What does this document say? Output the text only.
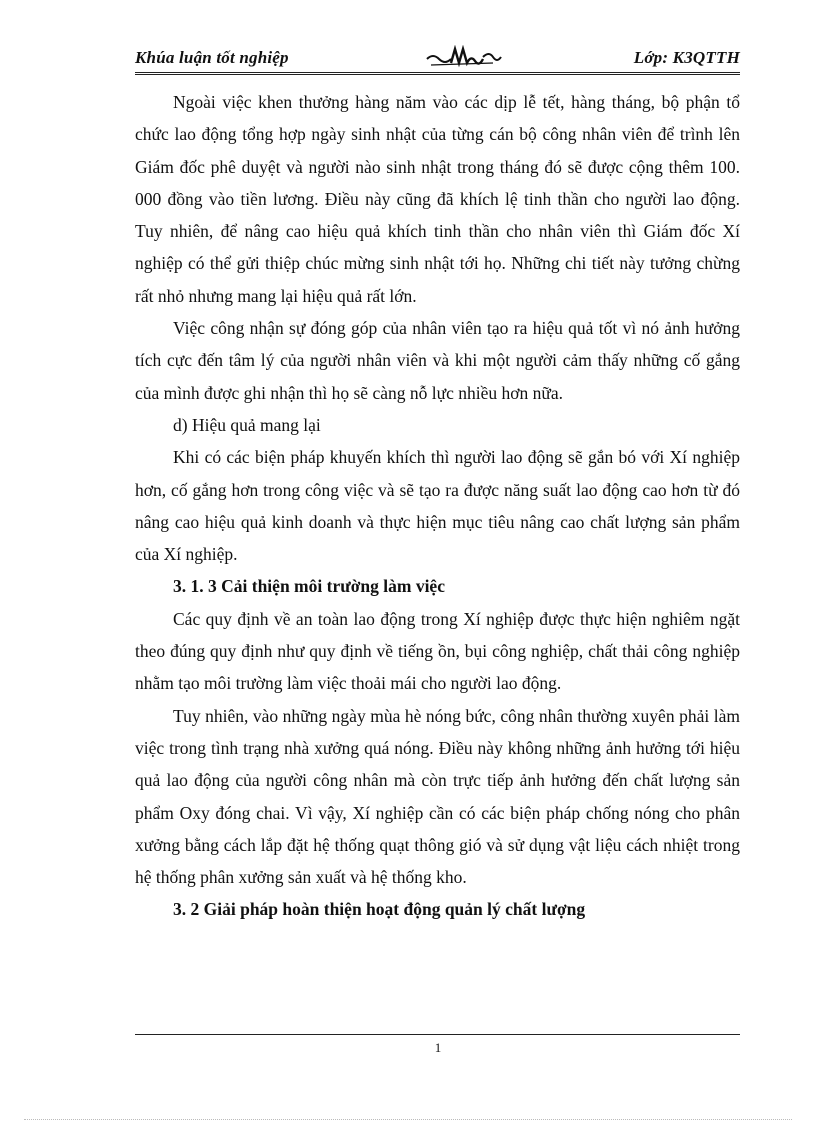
Khúa luận tốt nghiệp	Lớp: K3QTTH

Ngoài việc khen thưởng hàng năm vào các dịp lễ tết, hàng tháng, bộ phận tổ chức lao động tổng hợp ngày sinh nhật của từng cán bộ công nhân viên để trình lên Giám đốc phê duyệt và người nào sinh nhật trong tháng đó sẽ được cộng thêm 100. 000 đồng vào tiền lương. Điều này cũng đã khích lệ tinh thần cho người lao động. Tuy nhiên, để nâng cao hiệu quả khích tinh thần cho nhân viên thì Giám đốc Xí nghiệp có thể gửi thiệp chúc mừng sinh nhật tới họ. Những chi tiết này tưởng chừng rất nhỏ nhưng mang lại hiệu quả rất lớn.

Việc công nhận sự đóng góp của nhân viên tạo ra hiệu quả tốt vì nó ảnh hưởng tích cực đến tâm lý của người nhân viên và khi một người cảm thấy những cố gắng của mình được ghi nhận thì họ sẽ càng nỗ lực nhiều hơn nữa.

d) Hiệu quả mang lại

Khi có các biện pháp khuyến khích thì người lao động sẽ gắn bó với Xí nghiệp hơn, cố gắng hơn trong công việc và sẽ tạo ra được năng suất lao động cao hơn từ đó nâng cao hiệu quả kinh doanh và thực hiện mục tiêu nâng cao chất lượng sản phẩm của Xí nghiệp.

3. 1. 3 Cải thiện môi trường làm việc

Các quy định về an toàn lao động trong Xí nghiệp được thực hiện nghiêm ngặt theo đúng quy định như quy định về tiếng ồn, bụi công nghiệp, chất thải công nghiệp nhằm tạo môi trường làm việc thoải mái cho người lao động.

Tuy nhiên, vào những ngày mùa hè nóng bức, công nhân thường xuyên phải làm việc trong tình trạng nhà xưởng quá nóng. Điều này không những ảnh hưởng tới hiệu quả lao động của người công nhân mà còn trực tiếp ảnh hưởng đến chất lượng sản phẩm Oxy đóng chai. Vì vậy, Xí nghiệp cần có các biện pháp chống nóng cho phân xưởng bằng cách lắp đặt hệ thống quạt thông gió và sử dụng vật liệu cách nhiệt trong hệ thống phân xưởng sản xuất và hệ thống kho.

3. 2 Giải pháp hoàn thiện hoạt động quản lý chất lượng

1
